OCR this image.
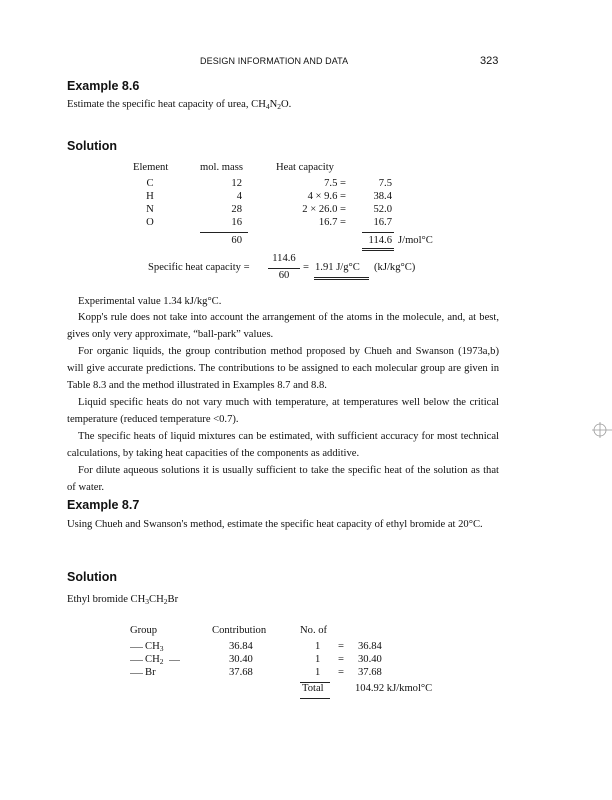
DESIGN INFORMATION AND DATA	323
Example 8.6
Estimate the specific heat capacity of urea, $CH_4N_2O$.
Solution
Element	mol. mass	Heat capacity
C	12	7.5 =	7.5
H	4	4 × 9.6 =	38.4
N	28	2 × 26.0 =	52.0
O	16	16.7 =	16.7
60	114.6 J/mol°C
Specific heat capacity =
114.6
60
= 1.91 J/g°C (kJ/kg°C)
Experimental value 1.34 kJ/kg°C.
Kopp's rule does not take into account the arrangement of the atoms in the molecule, and, at best, gives only very approximate, “ball-park” values.
For organic liquids, the group contribution method proposed by Chueh and Swanson (1973a,b) will give accurate predictions. The contributions to be assigned to each molecular group are given in Table 8.3 and the method illustrated in Examples 8.7 and 8.8.
Liquid specific heats do not vary much with temperature, at temperatures well below the critical temperature (reduced temperature <0.7).
The specific heats of liquid mixtures can be estimated, with sufficient accuracy for most technical calculations, by taking heat capacities of the components as additive.
For dilute aqueous solutions it is usually sufficient to take the specific heat of the solution as that of water.
Example 8.7
Using Chueh and Swanson's method, estimate the specific heat capacity of ethyl bromide at 20°C.
Solution
Ethyl bromide $CH_3CH_2Br$
Group	Contribution	No. of
$CH_3$	36.84	1 = 36.84
$CH_2$	30.40	1 = 30.40
Br	37.68	1 = 37.68
Total	104.92 kJ/kmol°C
